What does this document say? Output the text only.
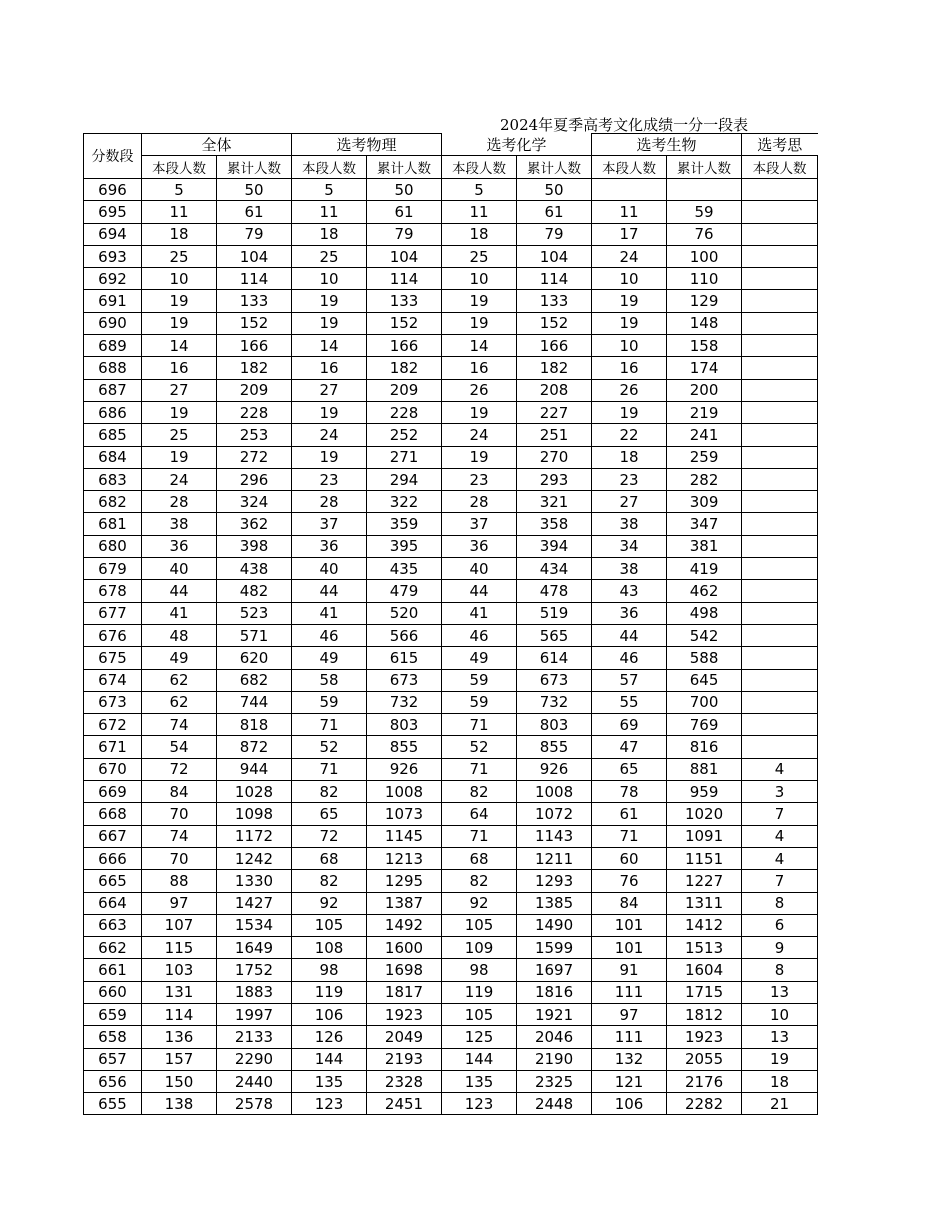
2024年夏季高考文化成绩一分一段表
分数段	全体		选考物理		选考化学		选考生物		选考思
	本段人数	累计人数	本段人数	累计人数	本段人数	累计人数	本段人数	累计人数	本段人数
696	5	50	5	50	5	50			
695	11	61	11	61	11	61	11	59	
694	18	79	18	79	18	79	17	76	
693	25	104	25	104	25	104	24	100	
692	10	114	10	114	10	114	10	110	
691	19	133	19	133	19	133	19	129	
690	19	152	19	152	19	152	19	148	
689	14	166	14	166	14	166	10	158	
688	16	182	16	182	16	182	16	174	
687	27	209	27	209	26	208	26	200	
686	19	228	19	228	19	227	19	219	
685	25	253	24	252	24	251	22	241	
684	19	272	19	271	19	270	18	259	
683	24	296	23	294	23	293	23	282	
682	28	324	28	322	28	321	27	309	
681	38	362	37	359	37	358	38	347	
680	36	398	36	395	36	394	34	381	
679	40	438	40	435	40	434	38	419	
678	44	482	44	479	44	478	43	462	
677	41	523	41	520	41	519	36	498	
676	48	571	46	566	46	565	44	542	
675	49	620	49	615	49	614	46	588	
674	62	682	58	673	59	673	57	645	
673	62	744	59	732	59	732	55	700	
672	74	818	71	803	71	803	69	769	
671	54	872	52	855	52	855	47	816	
670	72	944	71	926	71	926	65	881	4
669	84	1028	82	1008	82	1008	78	959	3
668	70	1098	65	1073	64	1072	61	1020	7
667	74	1172	72	1145	71	1143	71	1091	4
666	70	1242	68	1213	68	1211	60	1151	4
665	88	1330	82	1295	82	1293	76	1227	7
664	97	1427	92	1387	92	1385	84	1311	8
663	107	1534	105	1492	105	1490	101	1412	6
662	115	1649	108	1600	109	1599	101	1513	9
661	103	1752	98	1698	98	1697	91	1604	8
660	131	1883	119	1817	119	1816	111	1715	13
659	114	1997	106	1923	105	1921	97	1812	10
658	136	2133	126	2049	125	2046	111	1923	13
657	157	2290	144	2193	144	2190	132	2055	19
656	150	2440	135	2328	135	2325	121	2176	18
655	138	2578	123	2451	123	2448	106	2282	21
